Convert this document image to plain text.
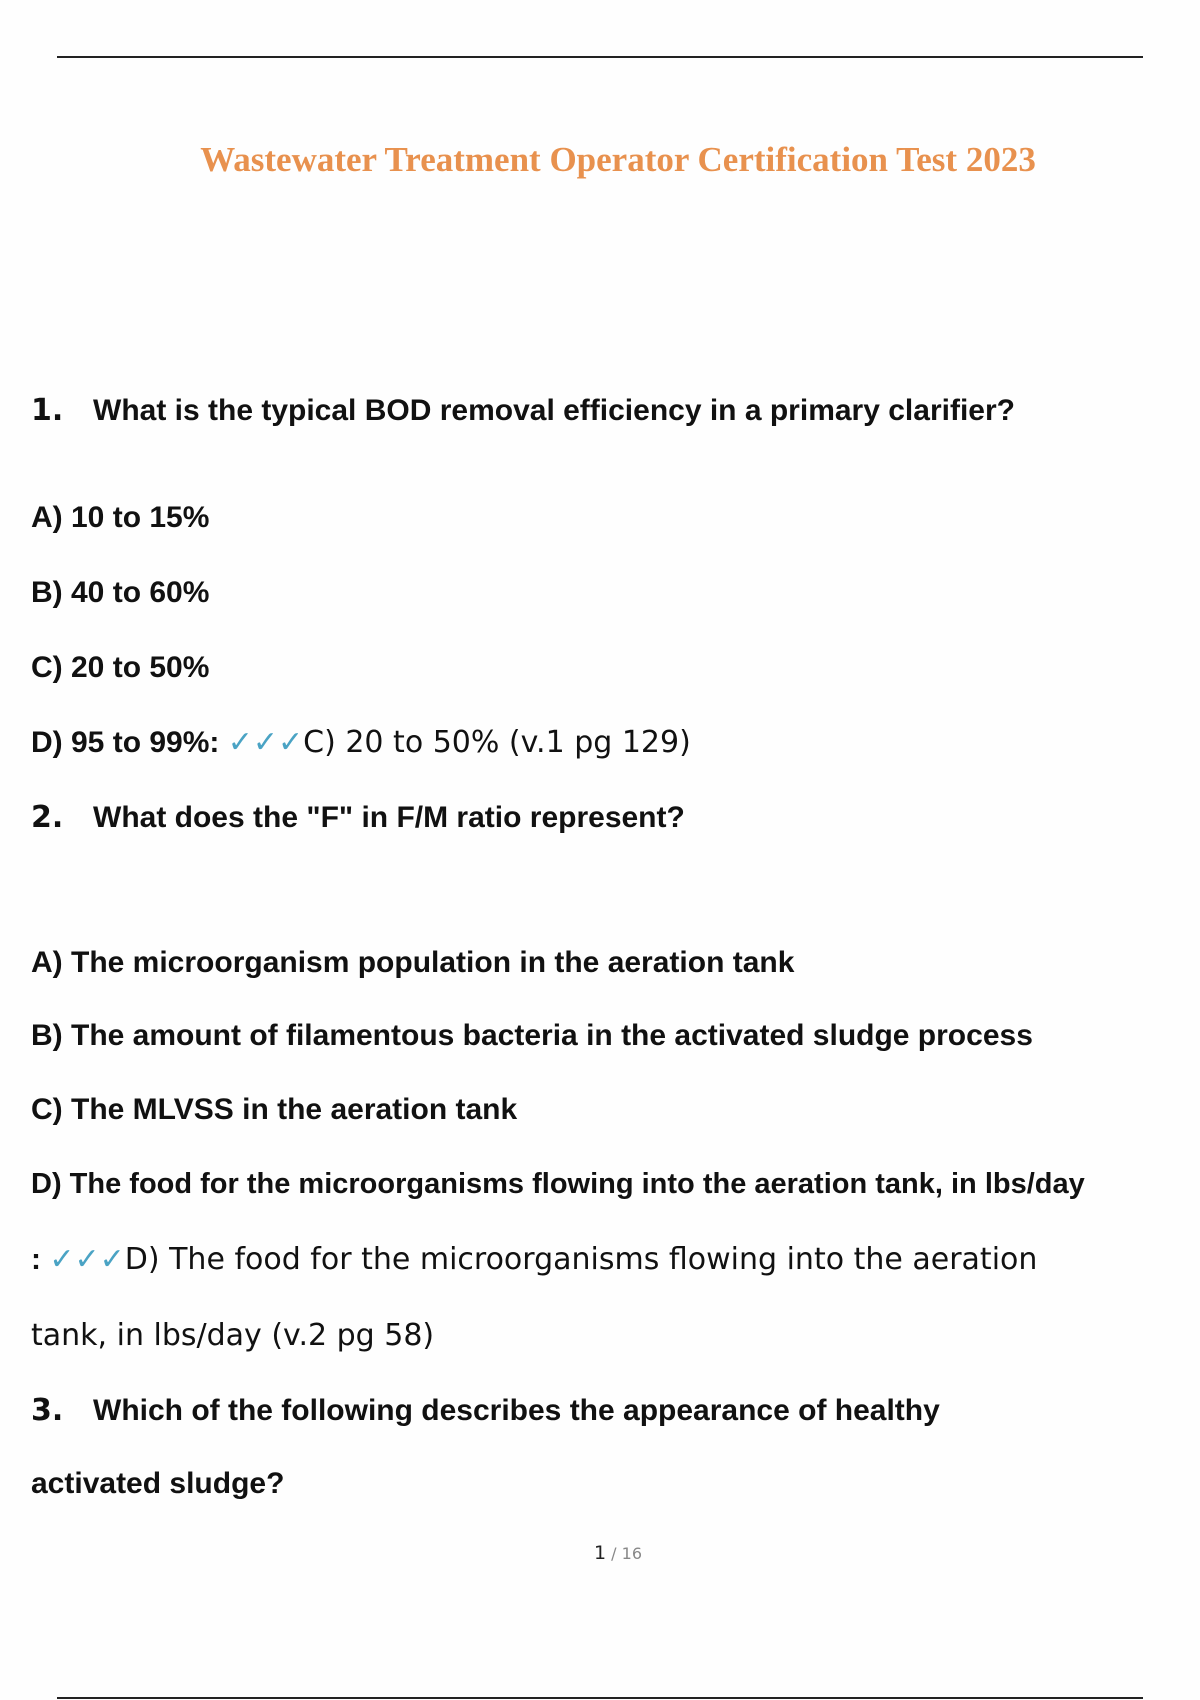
Wastewater Treatment Operator Certification Test 2023
1. What is the typical BOD removal efficiency in a primary clarifier?
A) 10 to 15%
B) 40 to 60%
C) 20 to 50%
D) 95 to 99%: ✓✓✓C) 20 to 50% (v.1 pg 129)
2. What does the "F" in F/M ratio represent?
A) The microorganism population in the aeration tank
B) The amount of filamentous bacteria in the activated sludge process
C) The MLVSS in the aeration tank
D) The food for the microorganisms flowing into the aeration tank, in lbs/day
: ✓✓✓D) The food for the microorganisms flowing into the aeration
tank, in lbs/day (v.2 pg 58)
3. Which of the following describes the appearance of healthy
activated sludge?
1 / 16
